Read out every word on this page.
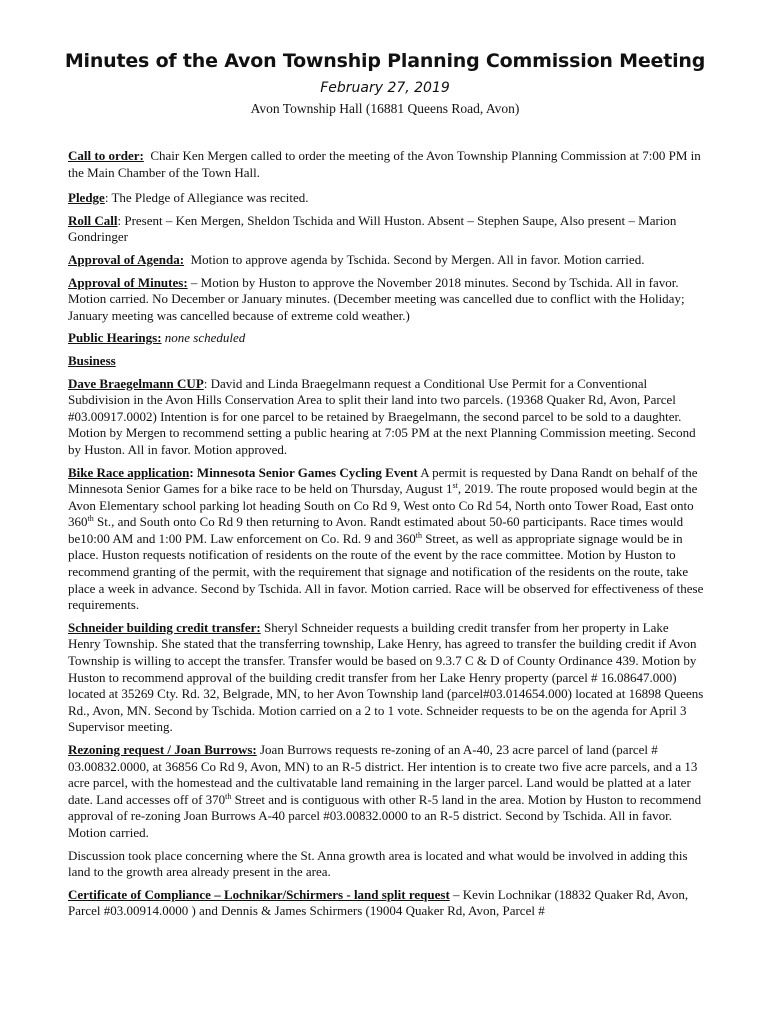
Minutes of the Avon Township Planning Commission Meeting
February 27, 2019
Avon Township Hall (16881 Queens Road, Avon)

Call to order:  Chair Ken Mergen called to order the meeting of the Avon Township Planning Commission at 7:00 PM in the Main Chamber of the Town Hall.

Pledge: The Pledge of Allegiance was recited.

Roll Call: Present – Ken Mergen, Sheldon Tschida and Will Huston. Absent – Stephen Saupe, Also present – Marion Gondringer

Approval of Agenda:  Motion to approve agenda by Tschida. Second by Mergen. All in favor. Motion carried.

Approval of Minutes: – Motion by Huston to approve the November 2018 minutes. Second by Tschida. All in favor. Motion carried. No December or January minutes. (December meeting was cancelled due to conflict with the Holiday; January meeting was cancelled because of extreme cold weather.)

Public Hearings: none scheduled

Business

Dave Braegelmann CUP: David and Linda Braegelmann request a Conditional Use Permit for a Conventional Subdivision in the Avon Hills Conservation Area to split their land into two parcels. (19368 Quaker Rd, Avon, Parcel #03.00917.0002) Intention is for one parcel to be retained by Braegelmann, the second parcel to be sold to a daughter. Motion by Mergen to recommend setting a public hearing at 7:05 PM at the next Planning Commission meeting. Second by Huston. All in favor. Motion approved.

Bike Race application: Minnesota Senior Games Cycling Event A permit is requested by Dana Randt on behalf of the Minnesota Senior Games for a bike race to be held on Thursday, August 1st, 2019. The route proposed would begin at the Avon Elementary school parking lot heading South on Co Rd 9, West onto Co Rd 54, North onto Tower Road, East onto 360th St., and South onto Co Rd 9 then returning to Avon. Randt estimated about 50-60 participants. Race times would be10:00 AM and 1:00 PM. Law enforcement on Co. Rd. 9 and 360th Street, as well as appropriate signage would be in place. Huston requests notification of residents on the route of the event by the race committee. Motion by Huston to recommend granting of the permit, with the requirement that signage and notification of the residents on the route, take place a week in advance. Second by Tschida. All in favor. Motion carried. Race will be observed for effectiveness of these requirements.

Schneider building credit transfer: Sheryl Schneider requests a building credit transfer from her property in Lake Henry Township. She stated that the transferring township, Lake Henry, has agreed to transfer the building credit if Avon Township is willing to accept the transfer. Transfer would be based on 9.3.7 C & D of County Ordinance 439. Motion by Huston to recommend approval of the building credit transfer from her Lake Henry property (parcel # 16.08647.000) located at 35269 Cty. Rd. 32, Belgrade, MN, to her Avon Township land (parcel#03.014654.000) located at 16898 Queens Rd., Avon, MN. Second by Tschida. Motion carried on a 2 to 1 vote. Schneider requests to be on the agenda for April 3 Supervisor meeting.

Rezoning request / Joan Burrows: Joan Burrows requests re-zoning of an A-40, 23 acre parcel of land (parcel # 03.00832.0000, at 36856 Co Rd 9, Avon, MN) to an R-5 district. Her intention is to create two five acre parcels, and a 13 acre parcel, with the homestead and the cultivatable land remaining in the larger parcel. Land would be platted at a later date. Land accesses off of 370th Street and is contiguous with other R-5 land in the area. Motion by Huston to recommend approval of re-zoning Joan Burrows A-40 parcel #03.00832.0000 to an R-5 district. Second by Tschida. All in favor. Motion carried.

Discussion took place concerning where the St. Anna growth area is located and what would be involved in adding this land to the growth area already present in the area.

Certificate of Compliance – Lochnikar/Schirmers - land split request – Kevin Lochnikar (18832 Quaker Rd, Avon, Parcel #03.00914.0000 ) and Dennis & James Schirmers (19004 Quaker Rd, Avon, Parcel #
